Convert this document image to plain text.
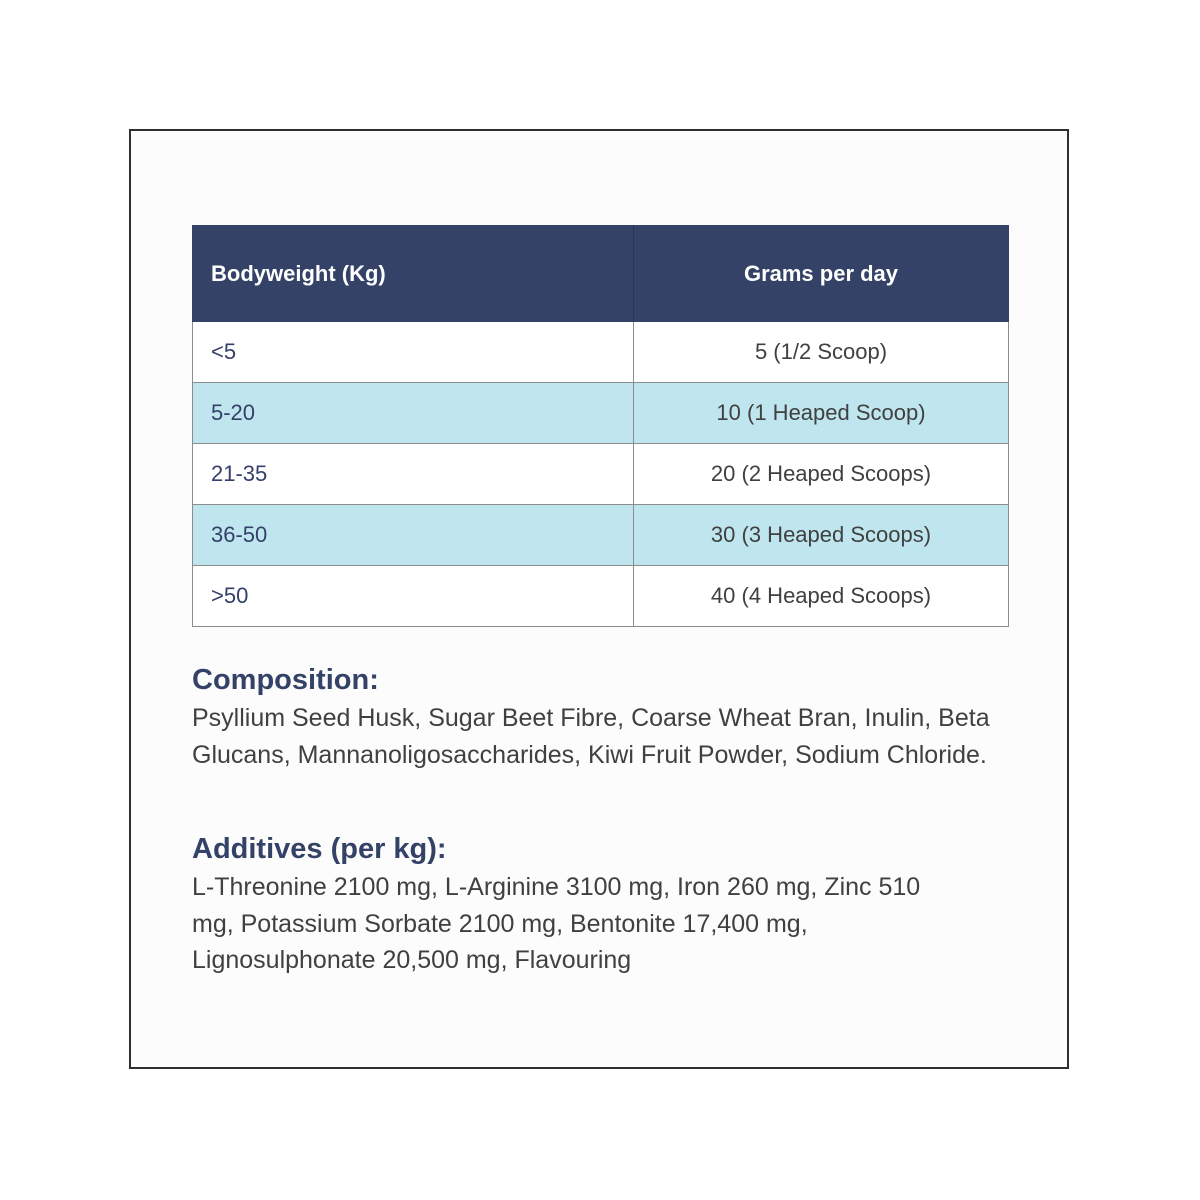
Bodyweight (Kg)	Grams per day
<5	5 (1/2 Scoop)
5-20	10 (1 Heaped Scoop)
21-35	20 (2 Heaped Scoops)
36-50	30 (3 Heaped Scoops)
>50	40 (4 Heaped Scoops)
Composition:

Psyllium Seed Husk, Sugar Beet Fibre, Coarse Wheat Bran, Inulin, Beta Glucans, Mannanoligosaccharides, Kiwi Fruit Powder, Sodium Chloride.

Additives (per kg):

L-Threonine 2100 mg, L-Arginine 3100 mg, Iron 260 mg, Zinc 510 mg, Potassium Sorbate 2100 mg, Bentonite 17,400 mg, Lignosulphonate 20,500 mg, Flavouring
